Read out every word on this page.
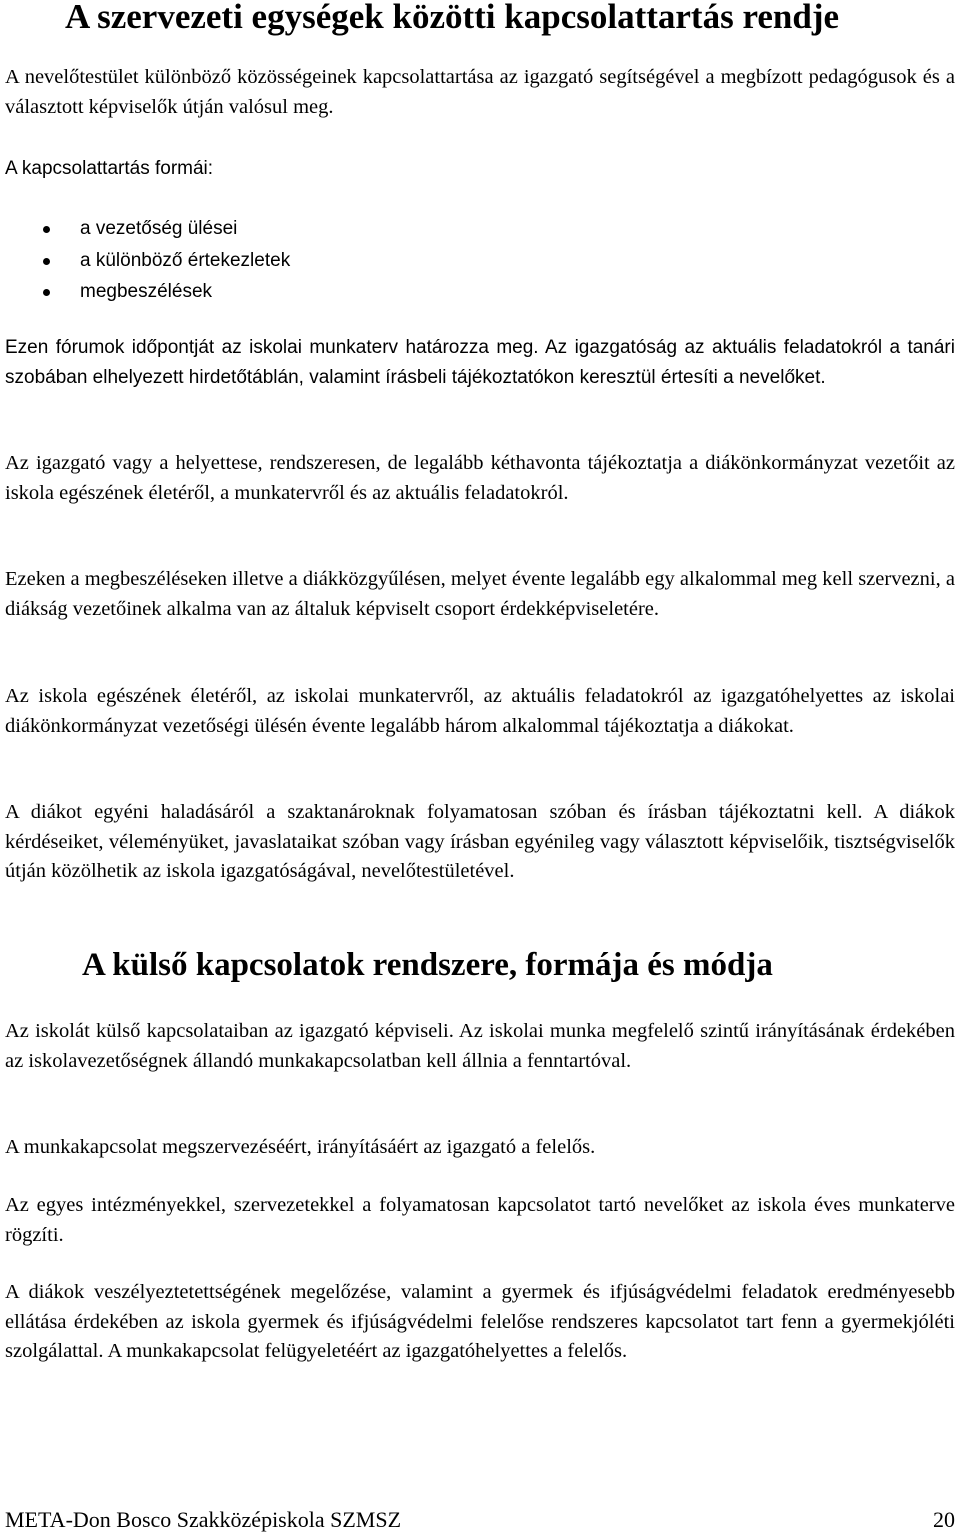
A szervezeti egységek közötti kapcsolattartás rendje

A nevelőtestület különböző közösségeinek kapcsolattartása az igazgató segítségével a megbízott pedagógusok és a választott képviselők útján valósul meg.

A kapcsolattartás formái:

a vezetőség ülései
a különböző értekezletek
megbeszélések

Ezen fórumok időpontját az iskolai munkaterv határozza meg. Az igazgatóság az aktuális feladatokról a tanári szobában elhelyezett hirdetőtáblán, valamint írásbeli tájékoztatókon keresztül értesíti a nevelőket.

Az igazgató vagy a helyettese, rendszeresen, de legalább kéthavonta tájékoztatja a diákönkormányzat vezetőit az iskola egészének életéről, a munkatervről és az aktuális feladatokról.

Ezeken a megbeszéléseken illetve a diákközgyűlésen, melyet évente legalább egy alkalommal meg kell szervezni, a diákság vezetőinek alkalma van az általuk képviselt csoport érdekképviseletére.

Az iskola egészének életéről, az iskolai munkatervről, az aktuális feladatokról az igazgatóhelyettes az iskolai diákönkormányzat vezetőségi ülésén évente legalább három alkalommal tájékoztatja a diákokat.

A diákot egyéni haladásáról a szaktanároknak folyamatosan szóban és írásban tájékoztatni kell. A diákok kérdéseiket, véleményüket, javaslataikat szóban vagy írásban egyénileg vagy választott képviselőik, tisztségviselők útján közölhetik az iskola igazgatóságával, nevelőtestületével.

A külső kapcsolatok rendszere, formája és módja

Az iskolát külső kapcsolataiban az igazgató képviseli. Az iskolai munka megfelelő szintű irányításának érdekében az iskolavezetőségnek állandó munkakapcsolatban kell állnia a fenntartóval.

A munkakapcsolat megszervezéséért, irányításáért az igazgató a felelős.

Az egyes intézményekkel, szervezetekkel a folyamatosan kapcsolatot tartó nevelőket az iskola éves munkaterve rögzíti.

A diákok veszélyeztetettségének megelőzése, valamint a gyermek és ifjúságvédelmi feladatok eredményesebb ellátása érdekében az iskola gyermek és ifjúságvédelmi felelőse rendszeres kapcsolatot tart fenn a gyermekjóléti szolgálattal. A munkakapcsolat felügyeletéért az igazgatóhelyettes a felelős.

META-Don Bosco Szakközépiskola SZMSZ	20
